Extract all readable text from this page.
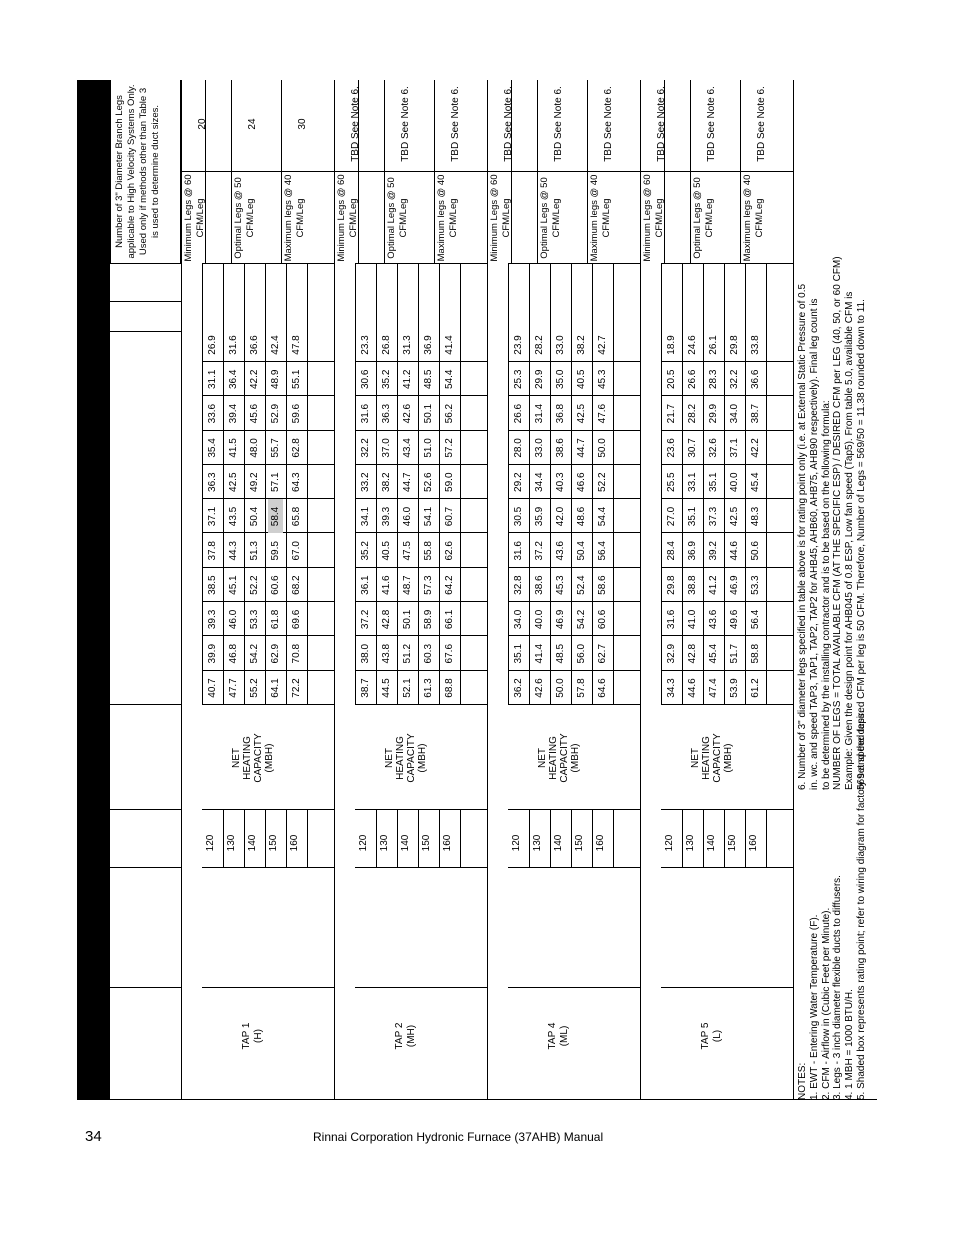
Number of 3" Diameter Branch Legs applicable to High Velocity Systems Only. Used only if methods other than Table 3 is used to determine duct sizes.
TAP 1 (H)
120 130 140 150 160
NET HEATING CAPACITY (MBH)
40.7
39.9
39.3
38.5
37.8
37.1
36.3
35.4
33.6
31.1
26.9
47.7
46.8
46.0
45.1
44.3
43.5
42.5
41.5
39.4
36.4
31.6
55.2
54.2
53.3
52.2
51.3
50.4
49.2
48.0
45.6
42.2
36.6
64.1
62.9
61.8
60.6
59.5
58.4
57.1
55.7
52.9
48.9
42.4
72.2
70.8
69.6
68.2
67.0
65.8
64.3
62.8
59.6
55.1
47.8
Minimum Legs @ 60 CFM/Leg
20
Optimal Legs @ 50 CFM/Leg
24
Maximum legs @ 40 CFM/Leg
30
TAP 2 (MH)
120 130 140 150 160
NET HEATING CAPACITY (MBH)
38.7
38.0
37.2
36.1
35.2
34.1
33.2
32.2
31.6
30.6
23.3
44.5
43.8
42.8
41.6
40.5
39.3
38.2
37.0
36.3
35.2
26.8
52.1
51.2
50.1
48.7
47.5
46.0
44.7
43.4
42.6
41.2
31.3
61.3
60.3
58.9
57.3
55.8
54.1
52.6
51.0
50.1
48.5
36.9
68.8
67.6
66.1
64.2
62.6
60.7
59.0
57.2
56.2
54.4
41.4
Minimum Legs @ 60 CFM/Leg
TBD See Note 6.
Optimal Legs @ 50 CFM/Leg
TBD See Note 6.
Maximum legs @ 40 CFM/Leg
TBD See Note 6.
TAP 4 (ML)
120 130 140 150 160
NET HEATING CAPACITY (MBH)
36.2
35.1
34.0
32.8
31.6
30.5
29.2
28.0
26.6
25.3
23.9
42.6
41.4
40.0
38.6
37.2
35.9
34.4
33.0
31.4
29.9
28.2
50.0
48.5
46.9
45.3
43.6
42.0
40.3
38.6
36.8
35.0
33.0
57.8
56.0
54.2
52.4
50.4
48.6
46.6
44.7
42.5
40.5
38.2
64.6
62.7
60.6
58.6
56.4
54.4
52.2
50.0
47.6
45.3
42.7
Minimum Legs @ 60 CFM/Leg
TBD See Note 6.
Optimal Legs @ 50 CFM/Leg
TBD See Note 6.
Maximum legs @ 40 CFM/Leg
TBD See Note 6.
TAP 5 (L)
120 130 140 150 160
NET HEATING CAPACITY (MBH)
34.3
32.9
31.6
29.8
28.4
27.0
25.5
23.6
21.7
20.5
18.9
44.6
42.8
41.0
38.8
36.9
35.1
33.1
30.7
28.2
26.6
24.6
47.4
45.4
43.6
41.2
39.2
37.3
35.1
32.6
29.9
28.3
26.1
53.9
51.7
49.6
46.9
44.6
42.5
40.0
37.1
34.0
32.2
29.8
61.2
58.8
56.4
53.3
50.6
48.3
45.4
42.2
38.7
36.6
33.8
Minimum Legs @ 60 CFM/Leg
TBD See Note 6.
Optimal Legs @ 50 CFM/Leg
TBD See Note 6.
Maximum legs @ 40 CFM/Leg
TBD See Note 6.
NOTES: 1. EWT - Entering Water Temperature (F). 2. CFM - Airflow in (Cubic Feet per Minute). 3. Legs - 3 inch diameter flexible ducts to diffusers. 4. 1 MBH = 1000 BTU/H. 5. Shaded box represents rating point; refer to wiring diagram for factory set speed taps.
6. Number of 3" diameter legs specified in table above is for rating point only (i.e. at External Static Pressure of 0.5 in. wc. and speed TAP3, TAP1, TAP2, TAP2 for AHB45, AHB60, AHB75, AHB90 respectively). Final leg count is to be determined by the installing contractor and is to be based on the following formula: NUMBER OF LEGS = TOTAL AVAILABLE CFM (AT THE SPECIFIC ESP) / DESIRED CFM per LEG (40, 50, or 60 CFM) Example: Given the design point for AHB045 of 0.8 ESP, Low fan speed (Tap5). From table 5.0, available CFM is 569 and the desired CFM per leg is 50 CFM. Therefore, Number of Legs = 569/50 = 11.38 rounded down to 11.
34	Rinnai Corporation Hydronic Furnace (37AHB) Manual
